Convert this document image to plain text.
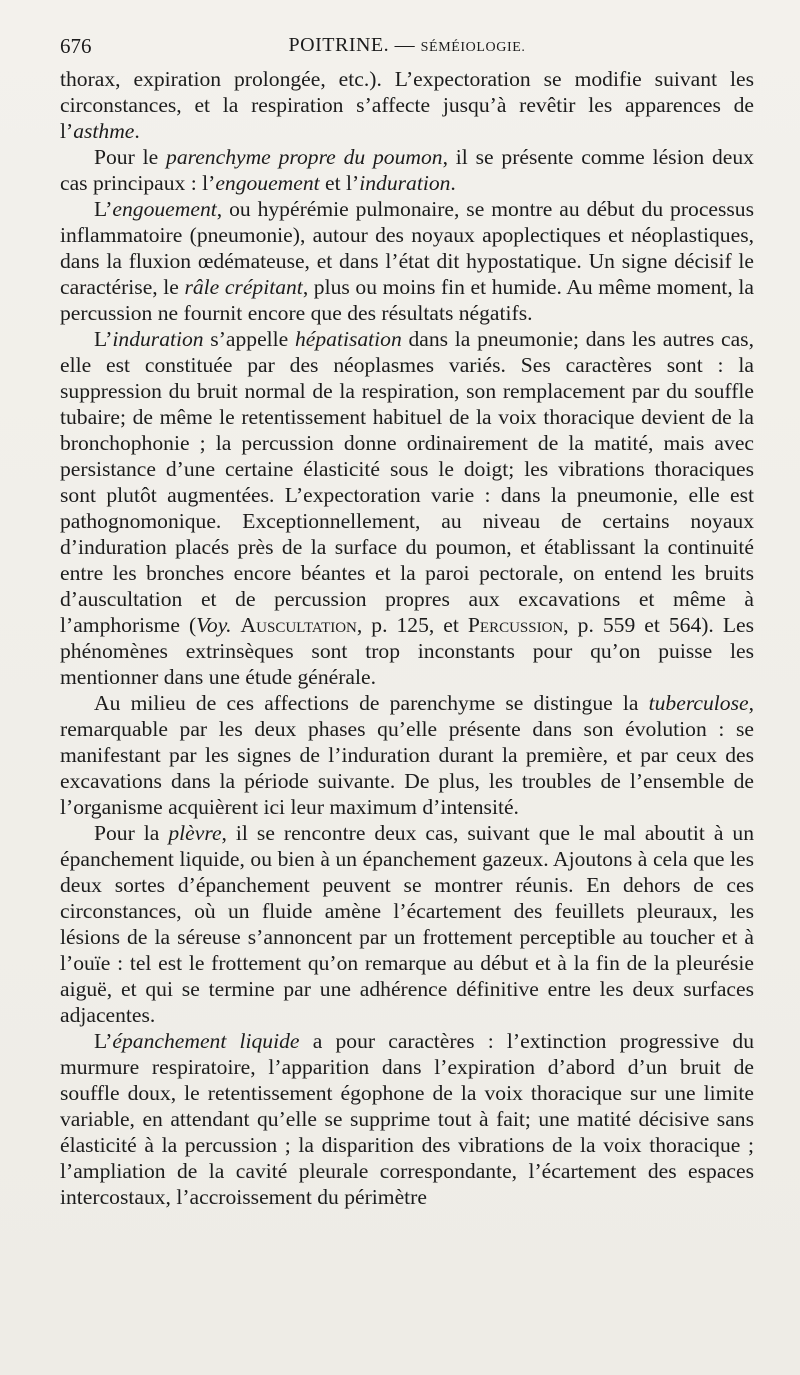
676	POITRINE. — SÉMÉIOLOGIE.

thorax, expiration prolongée, etc.). L’expectoration se modifie suivant les circonstances, et la respiration s’affecte jusqu’à revêtir les apparences de l’asthme.

Pour le parenchyme propre du poumon, il se présente comme lésion deux cas principaux : l’engouement et l’induration.

L’engouement, ou hypérémie pulmonaire, se montre au début du processus inflammatoire (pneumonie), autour des noyaux apoplectiques et néoplastiques, dans la fluxion œdémateuse, et dans l’état dit hypostatique. Un signe décisif le caractérise, le râle crépitant, plus ou moins fin et humide. Au même moment, la percussion ne fournit encore que des résultats négatifs.

L’induration s’appelle hépatisation dans la pneumonie; dans les autres cas, elle est constituée par des néoplasmes variés. Ses caractères sont : la suppression du bruit normal de la respiration, son remplacement par du souffle tubaire; de même le retentissement habituel de la voix thoracique devient de la bronchophonie ; la percussion donne ordinairement de la matité, mais avec persistance d’une certaine élasticité sous le doigt; les vibrations thoraciques sont plutôt augmentées. L’expectoration varie : dans la pneumonie, elle est pathognomonique. Exceptionnellement, au niveau de certains noyaux d’induration placés près de la surface du poumon, et établissant la continuité entre les bronches encore béantes et la paroi pectorale, on entend les bruits d’auscultation et de percussion propres aux excavations et même à l’amphorisme (Voy. Auscultation, p. 125, et Percussion, p. 559 et 564). Les phénomènes extrinsèques sont trop inconstants pour qu’on puisse les mentionner dans une étude générale.

Au milieu de ces affections de parenchyme se distingue la tuberculose, remarquable par les deux phases qu’elle présente dans son évolution : se manifestant par les signes de l’induration durant la première, et par ceux des excavations dans la période suivante. De plus, les troubles de l’ensemble de l’organisme acquièrent ici leur maximum d’intensité.

Pour la plèvre, il se rencontre deux cas, suivant que le mal aboutit à un épanchement liquide, ou bien à un épanchement gazeux. Ajoutons à cela que les deux sortes d’épanchement peuvent se montrer réunis. En dehors de ces circonstances, où un fluide amène l’écartement des feuillets pleuraux, les lésions de la séreuse s’annoncent par un frottement perceptible au toucher et à l’ouïe : tel est le frottement qu’on remarque au début et à la fin de la pleurésie aiguë, et qui se termine par une adhérence définitive entre les deux surfaces adjacentes.

L’épanchement liquide a pour caractères : l’extinction progressive du murmure respiratoire, l’apparition dans l’expiration d’abord d’un bruit de souffle doux, le retentissement égophone de la voix thoracique sur une limite variable, en attendant qu’elle se supprime tout à fait; une matité décisive sans élasticité à la percussion ; la disparition des vibrations de la voix thoracique ; l’ampliation de la cavité pleurale correspondante, l’écartement des espaces intercostaux, l’accroissement du périmètre
